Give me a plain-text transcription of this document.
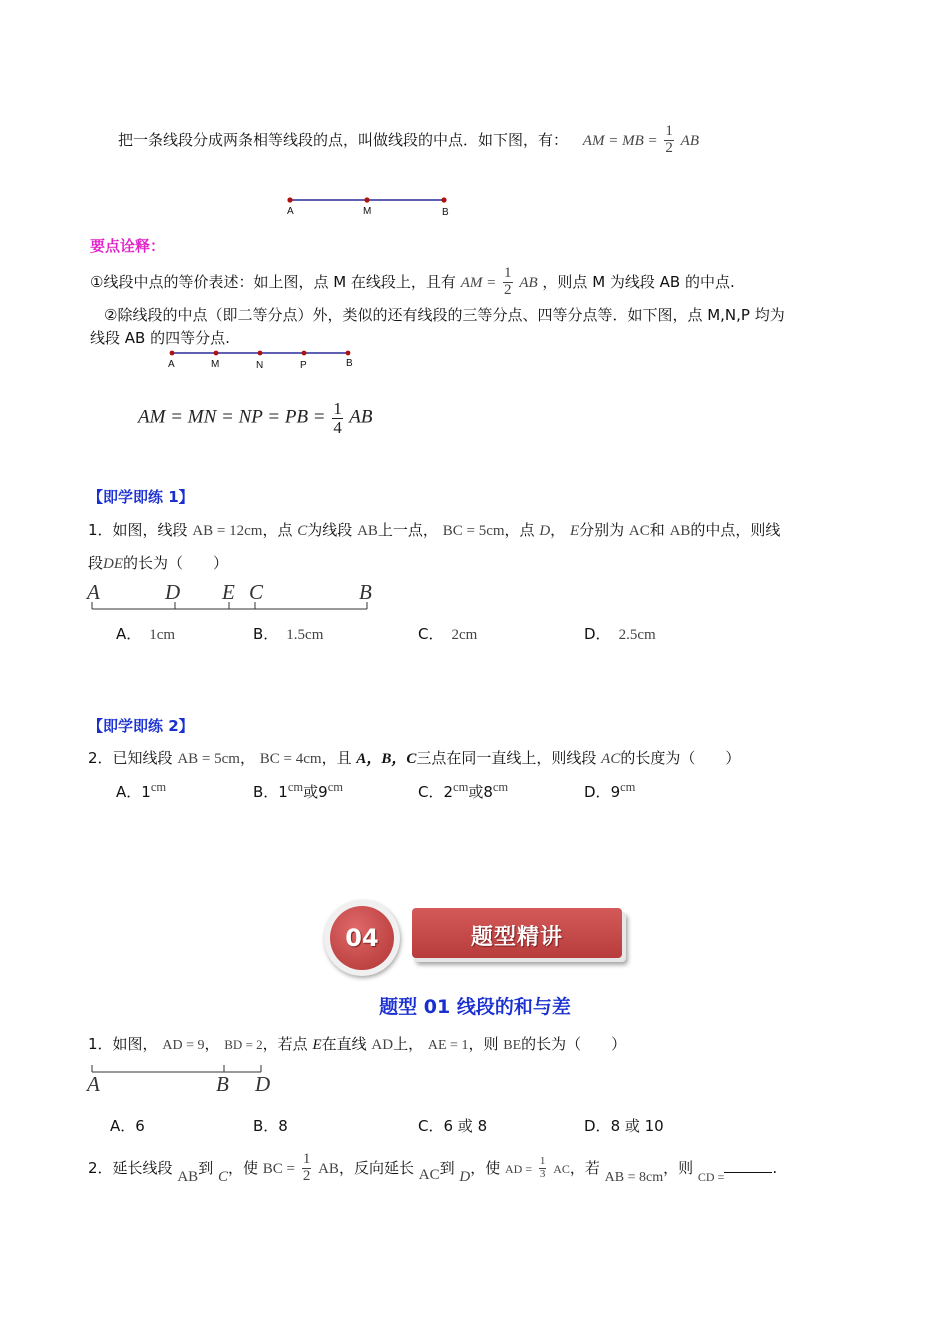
把一条线段分成两条相等线段的点，叫做线段的中点．如下图，有： AM = MB = $\frac{1}{2}$ AB
A	M	B
要点诠释：
①线段中点的等价表述：如上图，点 M 在线段上，且有 AM = $\frac{1}{2}$ AB ，则点 M 为线段 AB 的中点.
②除线段的中点（即二等分点）外，类似的还有线段的三等分点、四等分点等．如下图，点 M,N,P 均为
线段 AB 的四等分点.
A	M	N	P	B
AM = MN = NP = PB = $\frac{1}{4}$ AB
【即学即练 1】
1．如图，线段 AB = 12cm，点 C为线段 AB上一点， BC = 5cm，点 D， E分别为 AC和 AB的中点，则线
段DE的长为（　　）
A	D E C	B
A． 1cm	B． 1.5cm	C． 2cm	D． 2.5cm
【即学即练 2】
2．已知线段 AB = 5cm， BC = 4cm，且 A，B，C三点在同一直线上，则线段 AC的长度为（　　）
A．$1^{cm}$	B．$1^{cm}$或$9^{cm}$	C．$2^{cm}$或$8^{cm}$	D．$9^{cm}$
题型精讲
04
题型 01 线段的和与差
1．如图， AD = 9， BD = 2，若点 E在直线 AD上， AE = 1，则 BE的长为（　　）
A	B D
A．6	B．8	C．6 或 8	D．8 或 10
2．延长线段 AB到 C，使 BC = $\frac{1}{2}$ AB，反向延长 AC到 D，使 AD = $\frac{1}{3}$ AC，若 AB = 8cm，则 $_{CD =}$	.
